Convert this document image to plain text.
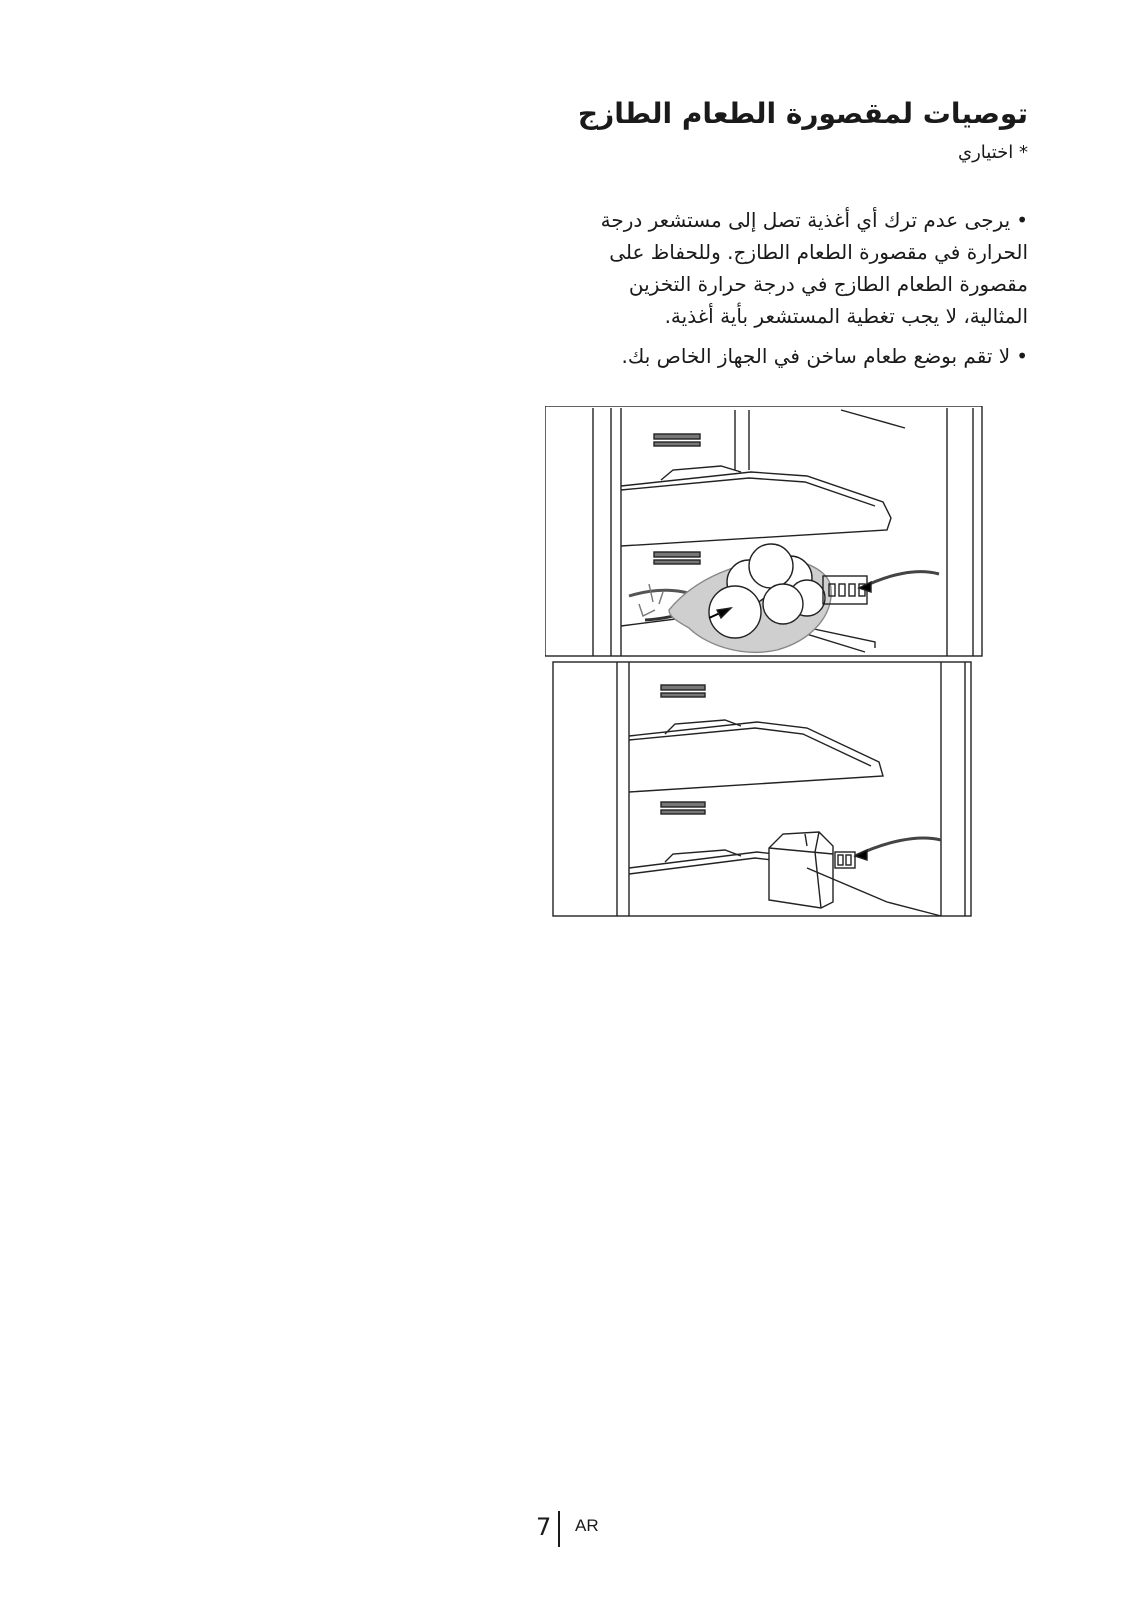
توصيات لمقصورة الطعام الطازج
* اختياري
•يرجى عدم ترك أي أغذية تصل إلى مستشعر درجة الحرارة في مقصورة الطعام الطازج. وللحفاظ على مقصورة الطعام الطازج في درجة حرارة التخزين المثالية، لا يجب تغطية المستشعر بأية أغذية.
•لا تقم بوضع طعام ساخن في الجهاز الخاص بك.
7 AR
